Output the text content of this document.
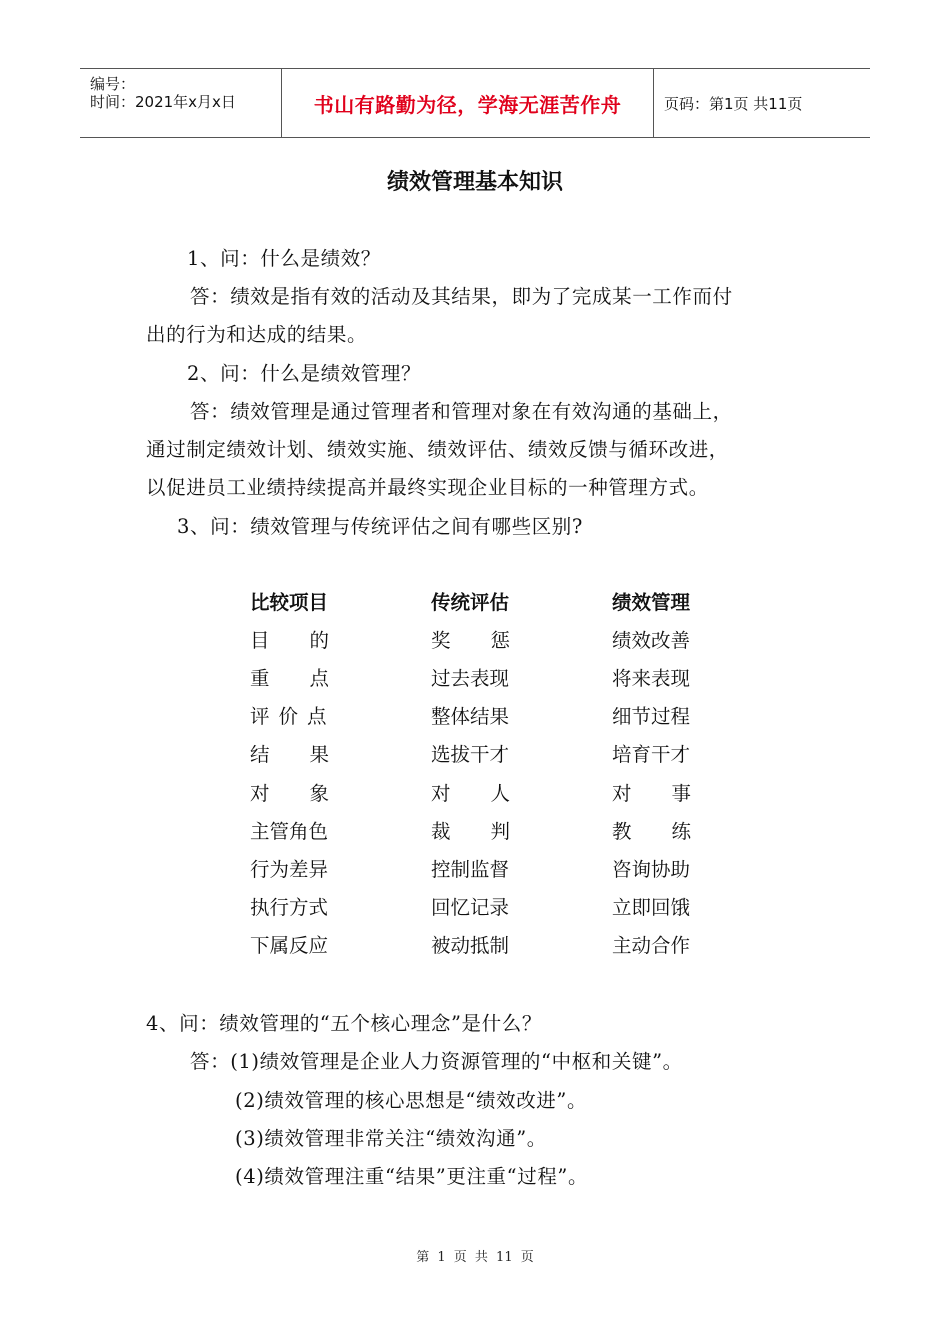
编号：
时间：2021年x月x日	书山有路勤为径，学海无涯苦作舟	页码：第1页 共11页
绩效管理基本知识
1、问：什么是绩效？
答：绩效是指有效的活动及其结果，即为了完成某一工作而付
出的行为和达成的结果。
2、问：什么是绩效管理？
答：绩效管理是通过管理者和管理对象在有效沟通的基础上，
通过制定绩效计划、绩效实施、绩效评估、绩效反馈与循环改进，
以促进员工业绩持续提高并最终实现企业目标的一种管理方式。
3、问：绩效管理与传统评估之间有哪些区别?
比较项目	传统评估	绩效管理
目的	奖惩	绩效改善
重点	过去表现	将来表现
评价点	整体结果	细节过程
结果	选拔干才	培育干才
对象	对人	对事
主管角色	裁判	教练
行为差异	控制监督	咨询协助
执行方式	回忆记录	立即回饿
下属反应	被动抵制	主动合作
4、问：绩效管理的“五个核心理念”是什么？
答：(1)绩效管理是企业人力资源管理的“中枢和关键”。
(2)绩效管理的核心思想是“绩效改进”。
(3)绩效管理非常关注“绩效沟通”。
(4)绩效管理注重“结果”更注重“过程”。
第 1 页 共 11 页
